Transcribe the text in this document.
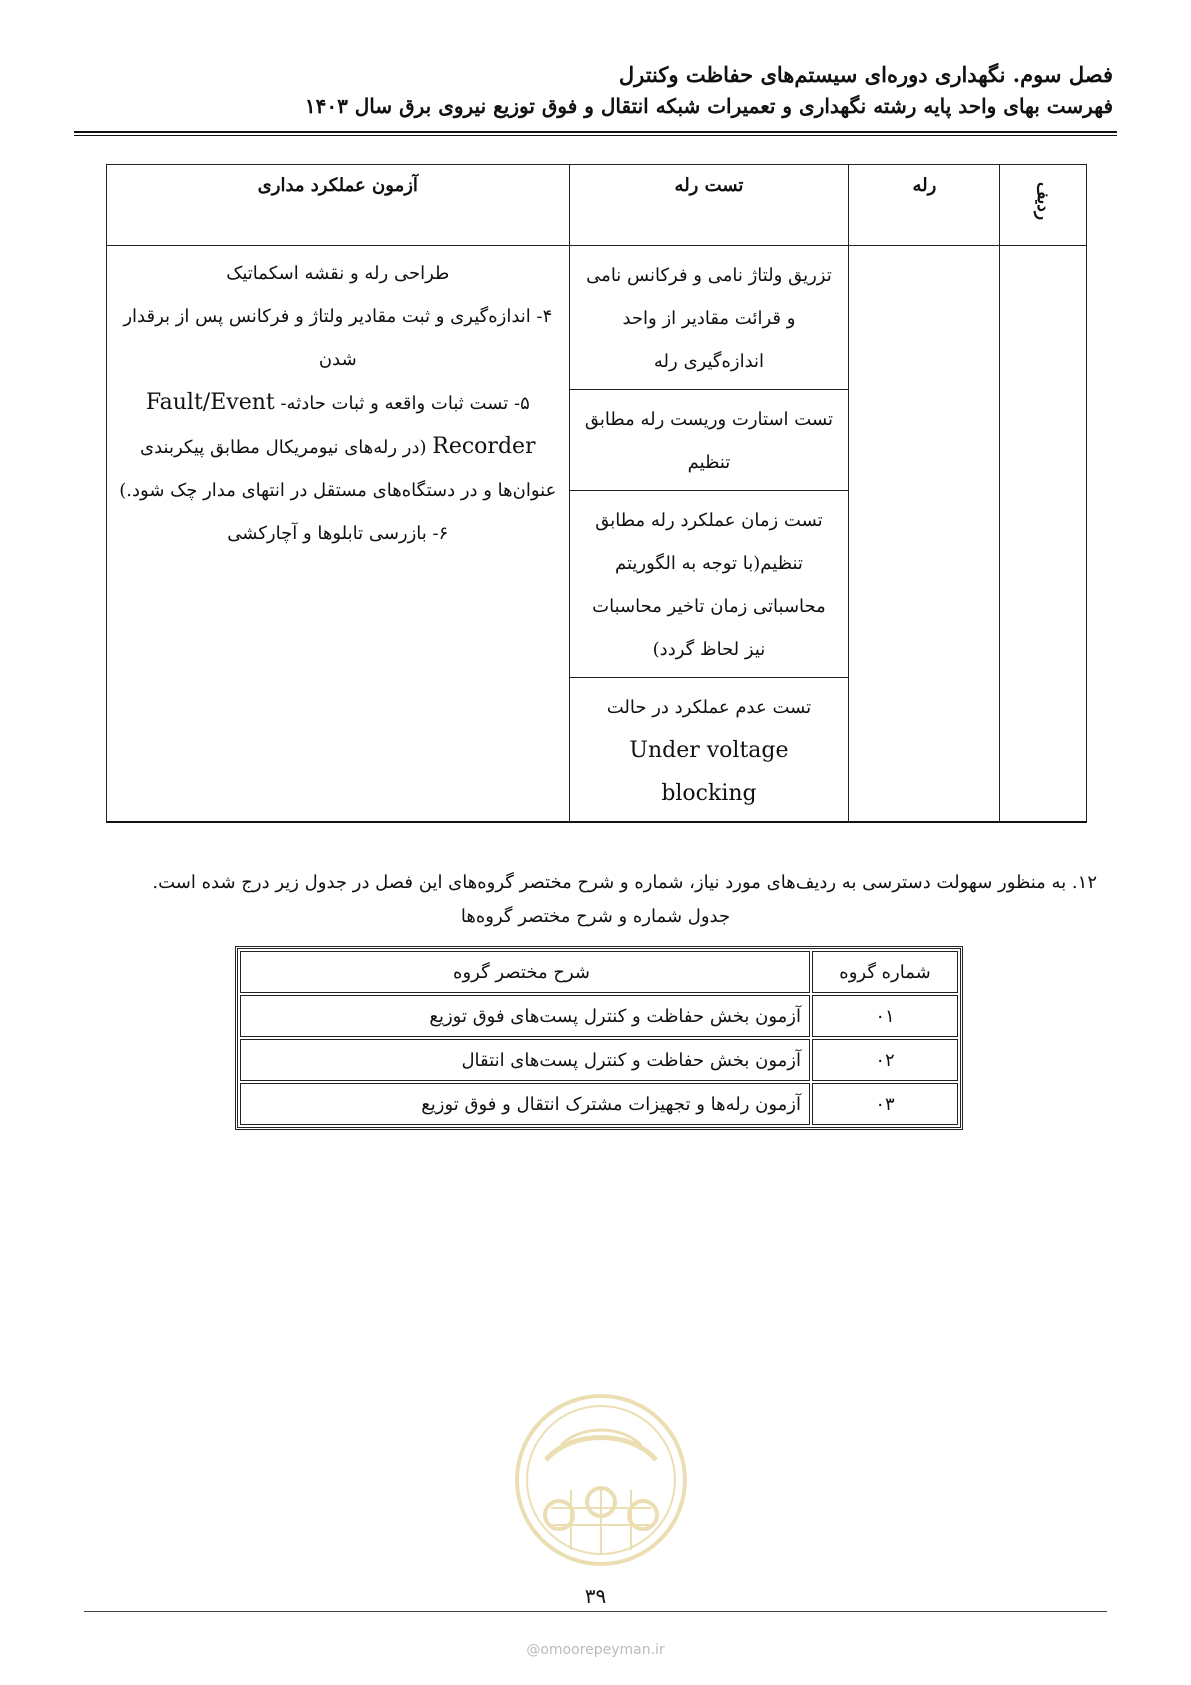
فصل سوم. نگهداری دوره‌ای سیستم‌های حفاظت وکنترل
فهرست بهای واحد پایه رشته نگهداری و تعمیرات شبکه انتقال و فوق توزیع نیروی برق سال ۱۴۰۳
ردیف	رله	تست رله	آزمون عملکرد مداری
		تزریق ولتاژ نامی و فرکانس نامی و قرائت مقادیر از واحد اندازه‌گیری رله	طراحی رله و نقشه اسکماتیک
۴- اندازه‌گیری و ثبت مقادیر ولتاژ و فرکانس پس از برقدار شدن
۵- تست ثبات واقعه و ثبات حادثه- Fault/Event
Recorder (در رله‌های نیومریکال مطابق پیکربندی عنوان‌ها و در دستگاه‌های مستقل در انتهای مدار چک شود.)
۶- بازرسی تابلوها و آچارکشی

		تست استارت وریست رله مطابق تنظیم	
		تست زمان عملکرد رله مطابق تنظیم(با توجه به الگوریتم محاسباتی زمان تاخیر محاسبات نیز لحاظ گردد)	

		تست عدم عملکرد در حالت
Under voltage blocking	
۱۲. به منظور سهولت دسترسی به ردیف‌های مورد نیاز، شماره و شرح مختصر گروه‌های این فصل در جدول زیر درج شده است.
جدول شماره و شرح مختصر گروه‌ها
شماره گروه	شرح مختصر گروه
۰۱	آزمون بخش حفاظت و کنترل پست‌های فوق توزیع
۰۲	آزمون بخش حفاظت و کنترل پست‌های انتقال
۰۳	آزمون رله‌ها و تجهیزات مشترک انتقال و فوق توزیع
۳۹
@omoorepeyman.ir
